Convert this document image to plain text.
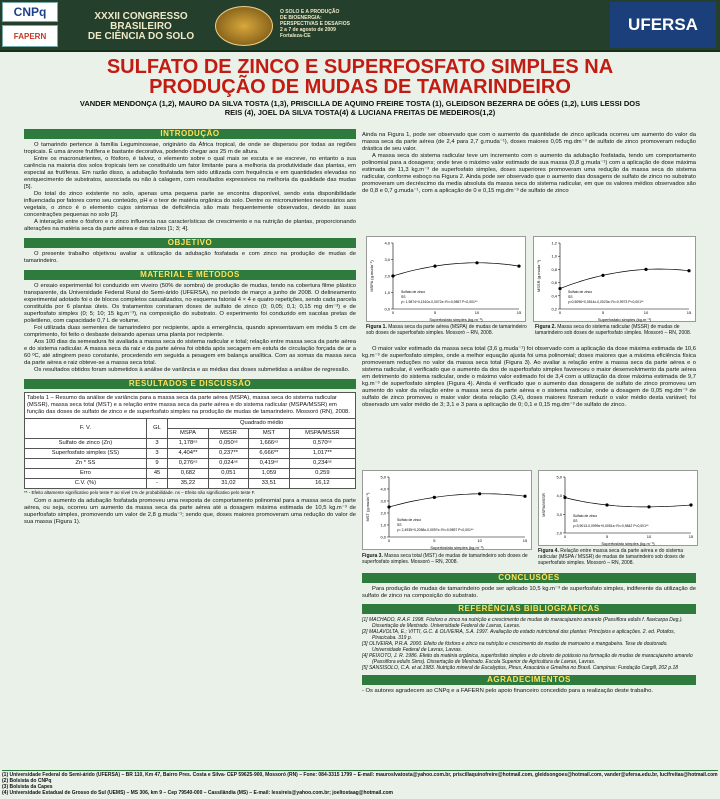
CNPq
FAPERN
XXXII CONGRESSO
BRASILEIRO
DE CIÊNCIA DO SOLO
O SOLO E A PRODUÇÃO
DE BIOENERGIA:
PERSPECTIVAS E DESAFIOS
2 a 7 de agosto de 2009
Fortaleza-CE
UFERSA
SULFATO DE ZINCO E SUPERFOSFATO SIMPLES NA
PRODUÇÃO DE MUDAS DE TAMARINDEIRO
VANDER MENDONÇA (1,2), MAURO DA SILVA TOSTA (1,3), PRISCILLA DE AQUINO FREIRE TOSTA (1), GLEIDSON BEZERRA DE GÓES (1,2), LUIS LESSI DOS
REIS (4), JOEL DA SILVA TOSTA(4) & LUCIANA FREITAS DE MEDEIROS(1,2)
INTRODUÇÃO

O tamarindo pertence à família Leguminoseae, originário da África tropical, de onde se dispersou por todas as regiões tropicais. É uma árvore frutífera e bastante decorativa, podendo chegar aos 25 m de altura.

Entre os macronutrientes, o fósforo, é talvez, o elemento sobre o qual mais se escuta e se escreve, no entanto a sua carência na maioria dos solos tropicais tem se constituído um fator limitante para a melhoria da produtividade das plantas, em especial as frutíferas. Em razão disso, a adubação fosfatada tem sido utilizada com frequência e em quantidades elevadas no enriquecimento de substratos, associada ou não à calagem, com resultados expressivos na melhoria da qualidade das mudas [5].

Do total do zinco existente no solo, apenas uma pequena parte se encontra disponível, sendo esta disponibilidade influenciada por fatores como seu conteúdo, pH e o teor de matéria orgânica do solo. Dentre os micronutrientes necessários aos vegetais, o zinco é o elemento cujos sintomas de deficiência são mais frequentemente observados, devido às suas concentrações pequenas no solo [2].

A interação entre o fósforo e o zinco influencia nas características de crescimento e na nutrição de plantas, proporcionando alterações na matéria seca da parte aérea e das raízes [1; 3; 4].

OBJETIVO

O presente trabalho objetivou avaliar a utilização da adubação fosfatada e com zinco na produção de mudas de tamarindeiro.

MATERIAL E MÉTODOS

O ensaio experimental foi conduzido em viveiro (50% de sombra) de produção de mudas, tendo na cobertura filme plástico transparente, da Universidade Federal Rural do Semi-árido (UFERSA), no período de março a junho de 2008. O delineamento experimental adotado foi o de blocos completos casualizados, no esquema fatorial 4 × 4 e quatro repetições, sendo cada parcela constituída por 6 plantas úteis. Os tratamentos constaram doses de sulfato de zinco (0; 0,05; 0,1; 0,15 mg dm⁻³) e de superfosfato simples (0; 5; 10; 15 kg.m⁻³), na composição do substrato. O experimento foi conduzido em sacolas pretas de polietileno, com capacidade 0,7 L de volume.

Foi utilizada duas sementes de tamarindeiro por recipiente, após a emergência, quando apresentavam em média 5 cm de comprimento, foi feito o desbaste deixando apenas uma planta por recipiente.

Aos 100 dias da semeadura foi avaliada a massa seca do sistema radicular e total; relação entre massa seca da parte aérea e do sistema radicular. A massa seca da raiz e da parte aérea foi obtida após secagem em estufa de circulação forçada de ar a 60 ºC, até atingirem peso constante, procedendo em seguida a pesagem em balança analítica. Com as somas da massa seca da parte aérea e raiz obteve-se a massa seca total.

Os resultados obtidos foram submetidos à análise de variância e as médias das doses submetidas a análise de regressão.

RESULTADOS E DISCUSSÃO
Tabela 1 – Resumo da análise de variância para a massa seca da parte aérea (MSPA), massa seca do sistema radicular (MSSR), massa seca total (MST) e a relação entre massa seca da parte aérea e do sistema radicular (MSPA/MSSR) em função das doses de sulfato de zinco e de superfosfato simples na produção de mudas de tamarindeiro. Mossoró (RN), 2008.
F. V.	GL	Quadrado médio			
		MSPA	MSSR	MST	MSPA/MSSR
Sulfato de zinco (Zn)	3	1,178ⁿˢ	0,050ⁿˢ	1,666ⁿˢ	0,570ⁿˢ
Superfosfato simples (SS)	3	4,404**	0,237**	6,666**	1,017**
Zn * SS	9	0,276ⁿˢ	0,024ⁿˢ	0,419ⁿˢ	0,234ⁿˢ
Erro	45	0,682	0,051	1,059	0,259
C.V. (%)	-	35,22	31,02	33,51	16,12
** - Efeito altamente significativo pelo teste F ao nível 1% de probabilidade. ns – Efeito não significativo pelo teste F.

Com o aumento da adubação fosfatada promoveu uma resposta de comportamento polinomial para a massa seca da parte aérea, ou seja, ocorreu um aumento da massa seca da parte aérea até a dosagem máxima estimada de 10,5 kg.m⁻³ de superfosfato simples, promovendo um valor de 2,8 g.muda⁻¹; sendo que, doses maiores promoveram uma redução do valor de sua massa (Figura 1).

Ainda na Figura 1, pode ser observado que com o aumento da quantidade de zinco aplicada ocorreu um aumento do valor da massa seca da parte aérea (de 2,4 para 2,7 g.muda⁻¹), doses maiores 0,05 mg.dm⁻³ de sulfato de zinco promoveram redução drástica de seu valor.

A massa seca do sistema radicular teve um incremento com o aumento da adubação fosfatada, tendo um comportamento polinomial para a dosagens; onde teve o máximo valor estimado de sua massa (0,8 g.muda⁻¹) com a aplicação de dose máxima estimada de 11,3 kg.m⁻³ de superfosfato simples, doses superiores promoveram uma redução da massa seca do sistema radicular, conforme esboço na Figura 2. Ainda pode ser observado que o aumento das dosagens de sulfato de zinco no substrato promoveram um decréscimo da media absoluta da massa seca do sistema radicular, em que os valores médios observados são de 0,8 e 0,7 g.muda⁻¹, com a aplicação de 0 e 0,15 mg.dm⁻³ de sulfato de zinco

4,0
3,0
2,0
1,0
0,0
0	5	10	15
Superfosfato simples (kg.m⁻³)
MSPA (g.muda⁻¹)
Sulfato de zinco
SS
y= 1,9874+0,1510x-0,0072x² R²=0,9857 P<0,001**
1,2
1,0
0,8
0,6
0,4
0,2
0	5	10	15
Superfosfato simples (kg.m⁻³)
MSSR (g.muda⁻¹)	Sulfato de zinco
SS
y=0,5096+0,0514x-0,0023x² R²=0,9973 P<0,001**
Figura 1. Massa seca da parte aérea (MSPA) de mudas de tamarindeiro sob doses de superfosfato simples. Mossoró – RN, 2008.
Figura 2. Massa seca do sistema radicular (MSSR) de mudas de tamarindeiro sob doses de superfosfato simples. Mossoró – RN, 2008.

O maior valor estimado da massa seca total (3,6 g.muda⁻¹) foi observado com a aplicação da dose máxima estimada de 10,6 kg.m⁻³ de superfosfato simples, onde a melhor equação ajusta foi uma polinomial; doses maiores que a máxima eficiência física promoveram reduções no valor da massa seca total (Figura 3). Ao avaliar a relação entre a massa seca da parte aérea e o sistema radicular, é verificado que o aumento da dos de superfosfato simples favoreceu o maior desenvolvimento da parte aérea em detrimento do sistema radicular, onde o máximo valor estimado foi de 3,4 com a utilização da dose máxima estimada de 9,7 kg.m⁻³ de superfosfato simples (Figura 4). Ainda é verificado que o aumento das dosagens de sulfato de zinco promoveu um aumento do valor da relação entre a massa seca da parte aérea e o sistema radicular, onde a dosagem de 0,05 mg.dm⁻³ de sulfato de zinco promoveu o maior valor desta relação (3,4), doses maiores fizeram reduzir o valor médio desta variável; foi observado um valor médio de 3; 3,1 e 3 para a aplicação de 0; 0,1 e 0,15 mg.dm⁻³ de sulfato de zinco.

5,0
4,0
3,0
2,0
1,0
0,0
0	5	10	15
Superfosfato simples (kg.m⁻³)
MST (g.muda⁻¹)	Sulfato de zinco
SS
y= 2,4935+0,2058x-0,0097x² R²=0,9897 P<0,001**
5,0
4,0
3,0
2,0
0	5	10	15
Superfosfato simples (kg.m⁻³)
MSPA/MSSR	Sulfato de zinco
SS
y=3,9013-0,0999x+0,0051x² R²=0,9842 P<0,001**
Figura 3. Massa seca total (MST) de mudas de tamarindeiro sob doses de superfosfato simples. Mossoró – RN, 2008.
Figura 4. Relação entre massa seca da parte aérea e do sistema radicular (MSPA / MSSR) de mudas de tamarindeiro sob doses de superfosfato simples. Mossoró – RN, 2008.
CONCLUSÕES

Para produção de mudas de tamarindeiro pode ser aplicado 10,5 kg.m⁻³ de superfosfato simples, indiferente da utilização de sulfato de zinco na composição do substrato.

REFERÊNCIAS BIBLIOGRÁFICAS

[1] MACHADO, R.A.F. 1998. Fósforo e zinco na nutrição e crescimento de mudas de maracujazeiro amarelo (Passiflora edulis f. flavicarpa Deg.). Dissertação de Mestrado. Universidade Federal de Lavras, Lavras.

[2] MALAVOLTA, E.; VITTI, G.C. & OLIVEIRA, S.A. 1997. Avaliação do estado nutricional das plantas: Princípios e aplicações. 2. ed. Potafos, Piracicaba. 319 p.

[3] OLIVEIRA, P.R.A. 2000. Efeito de fósforo e zinco na nutrição e crescimento de mudas de mamoeiro e mangabeira. Tese de doutorado. Universidade Federal de Lavras, Lavras.

[4] PEIXOTO, J. R. 1986. Efeito da matéria orgânica, superfosfato simples e do cloreto de potássio na formação de mudas de maracujazeiro amarelo (Passiflora edulis Sims). Dissertação de Mestrado. Escola Superior de Agricultura de Lavras, Lavras.

[5] SANSISOLO, C.A. et al.1983. Nutrição mineral de Eucalyptus, Pinus, Araucária e Gmelina no Brasil. Campinas: Fundação Cargill, 202 p.18

AGRADECIMENTOS

- Os autores agradecem ao CNPq e a FAFERN pelo apoio financeiro concedido para a realização deste trabalho.

(1) Universidade Federal do Semi-árido (UFERSA) – BR 110, Km 47, Bairro Pres. Costa e Silva- CEP 59625-900, Mossoró (RN) – Fone: 084-3315 1799 – E-mail: mauroslvatosta@yahoo.com.br, priscillaquinofreire@hotmail.com, gleidsongoes@hotmail.com, vander@ufersa.edu.br, lucifreitas@hotmail.com
(2) Bolsista do CNPq
(3) Bolsista da Capes
(4) Universidade Estadual de Grosso do Sul (UEMS) – MS 306, km 9 – Cep 79540-000 – Cassilândia (MS) – E-mail: lessireis@yahoo.com.br; joeltostaag@hotmail.com
